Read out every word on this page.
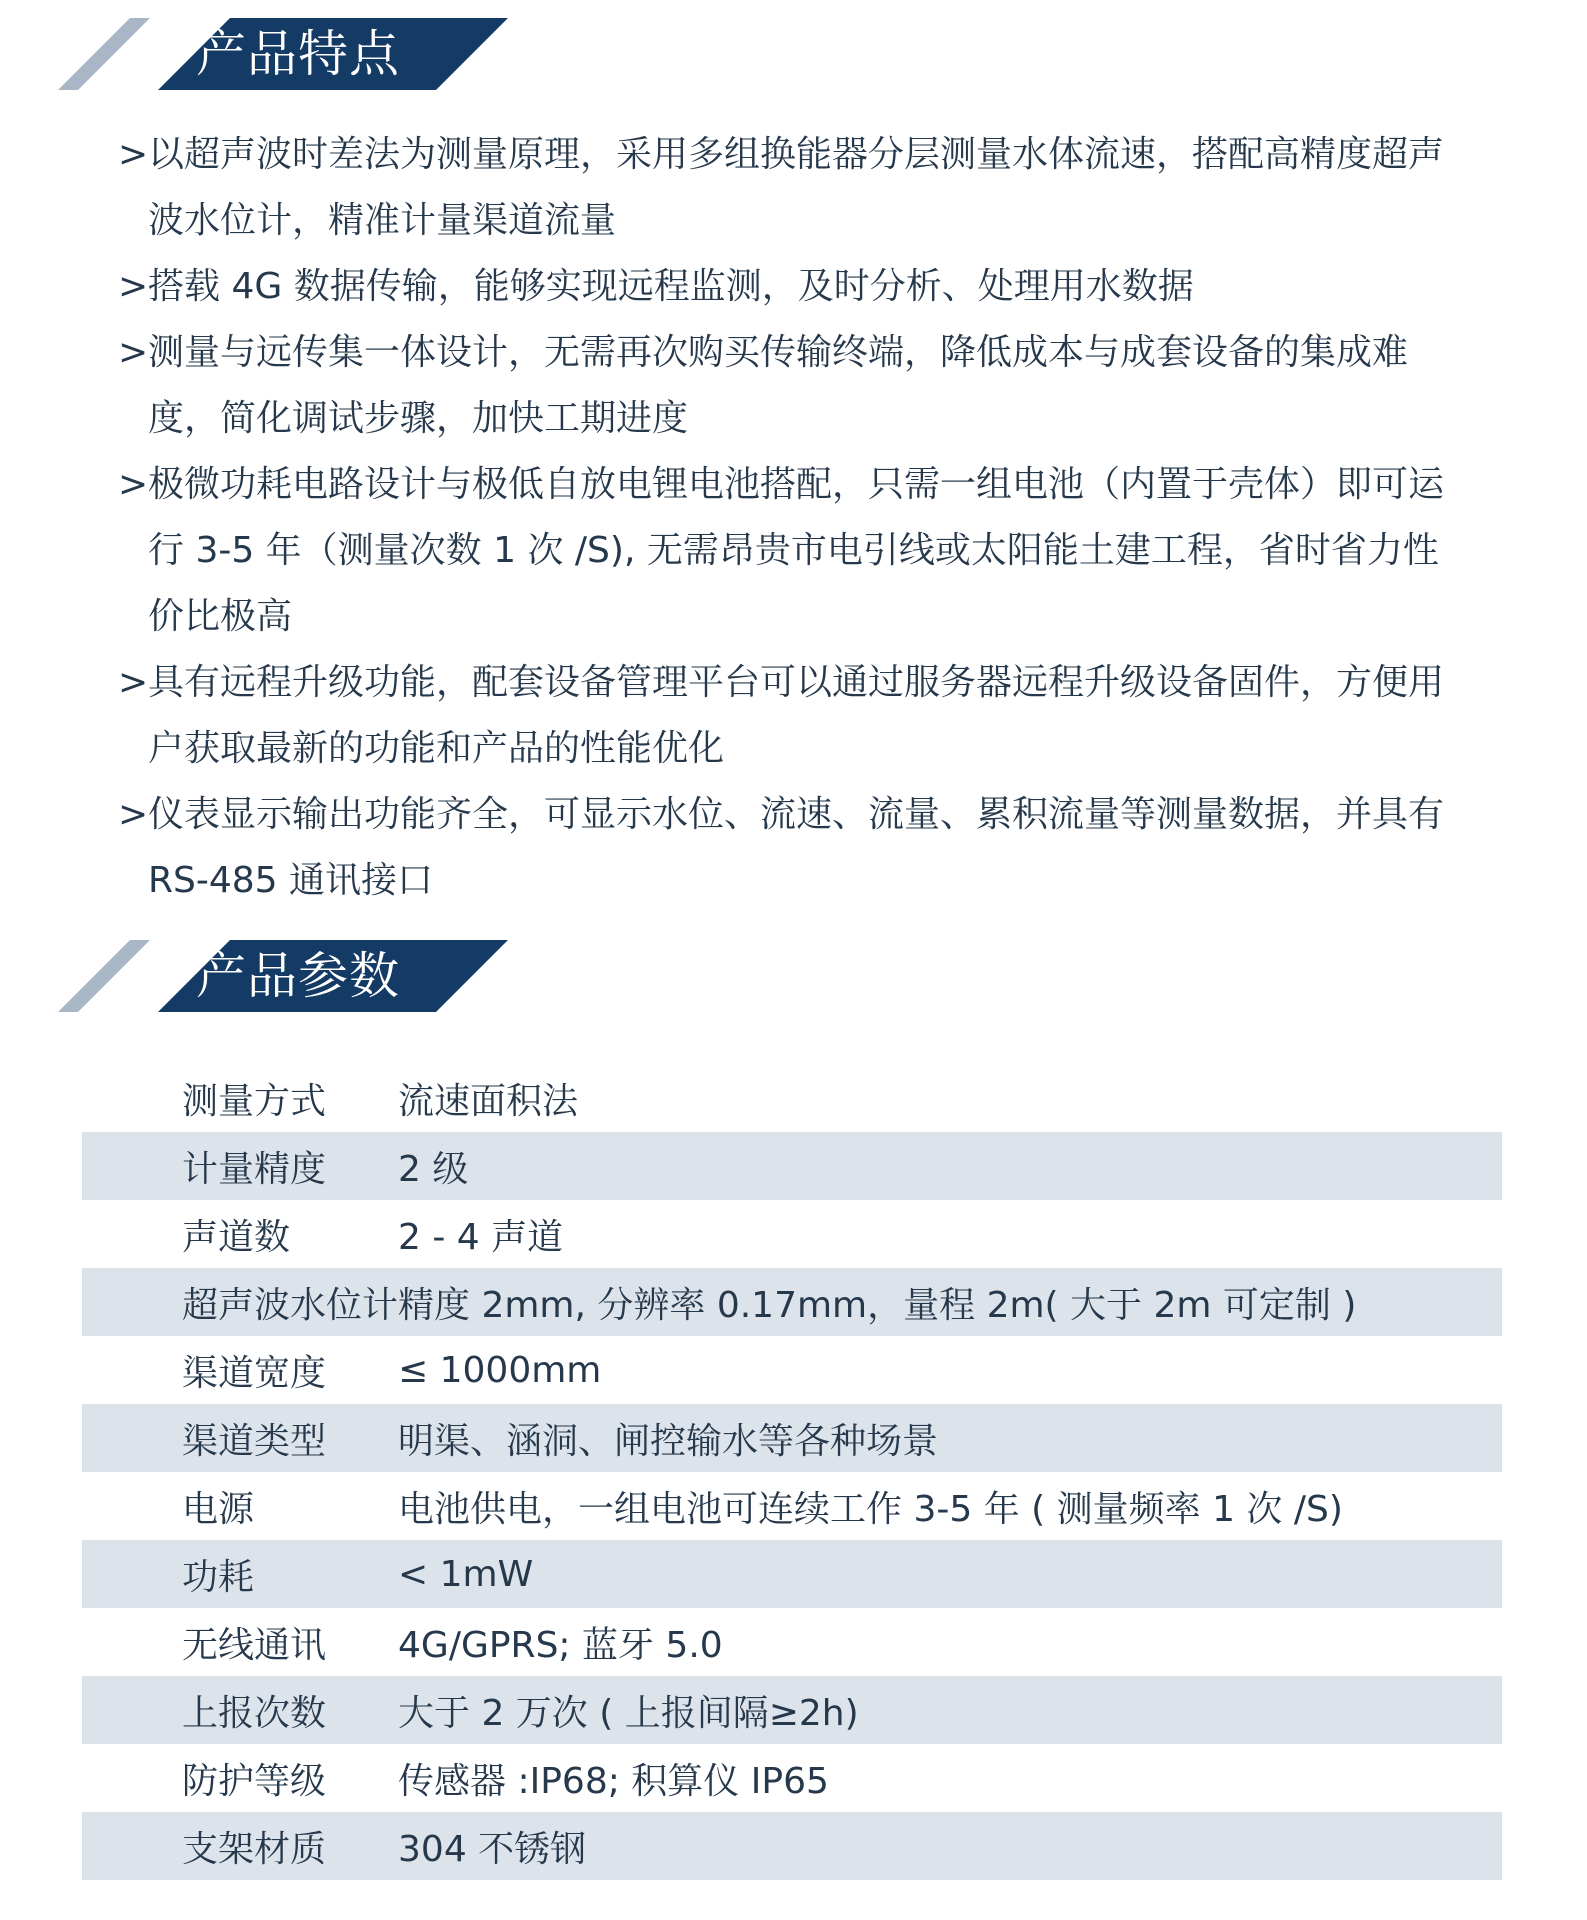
产品特点
> 以超声波时差法为测量原理，采用多组换能器分层测量水体流速，搭配高精度超声波水位计，精准计量渠道流量
> 搭载 4G 数据传输，能够实现远程监测，及时分析、处理用水数据
> 测量与远传集一体设计，无需再次购买传输终端，降低成本与成套设备的集成难度，简化调试步骤，加快工期进度
> 极微功耗电路设计与极低自放电锂电池搭配，只需一组电池（内置于壳体）即可运行 3-5 年（测量次数 1 次 /S), 无需昂贵市电引线或太阳能土建工程，省时省力性价比极高
> 具有远程升级功能，配套设备管理平台可以通过服务器远程升级设备固件，方便用户获取最新的功能和产品的性能优化
> 仪表显示输出功能齐全，可显示水位、流速、流量、累积流量等测量数据，并具有 RS-485 通讯接口
产品参数
测量方式	流速面积法
计量精度	2 级
声道数	2 - 4 声道
超声波水位计	精度 2mm, 分辨率 0.17mm，量程 2m( 大于 2m 可定制 )
渠道宽度	≤ 1000mm
渠道类型	明渠、涵洞、闸控输水等各种场景
电源	电池供电，一组电池可连续工作 3-5 年 ( 测量频率 1 次 /S)
功耗	< 1mW
无线通讯	4G/GPRS; 蓝牙 5.0
上报次数	大于 2 万次 ( 上报间隔≥2h)
防护等级	传感器 :IP68; 积算仪 IP65
支架材质	304 不锈钢
